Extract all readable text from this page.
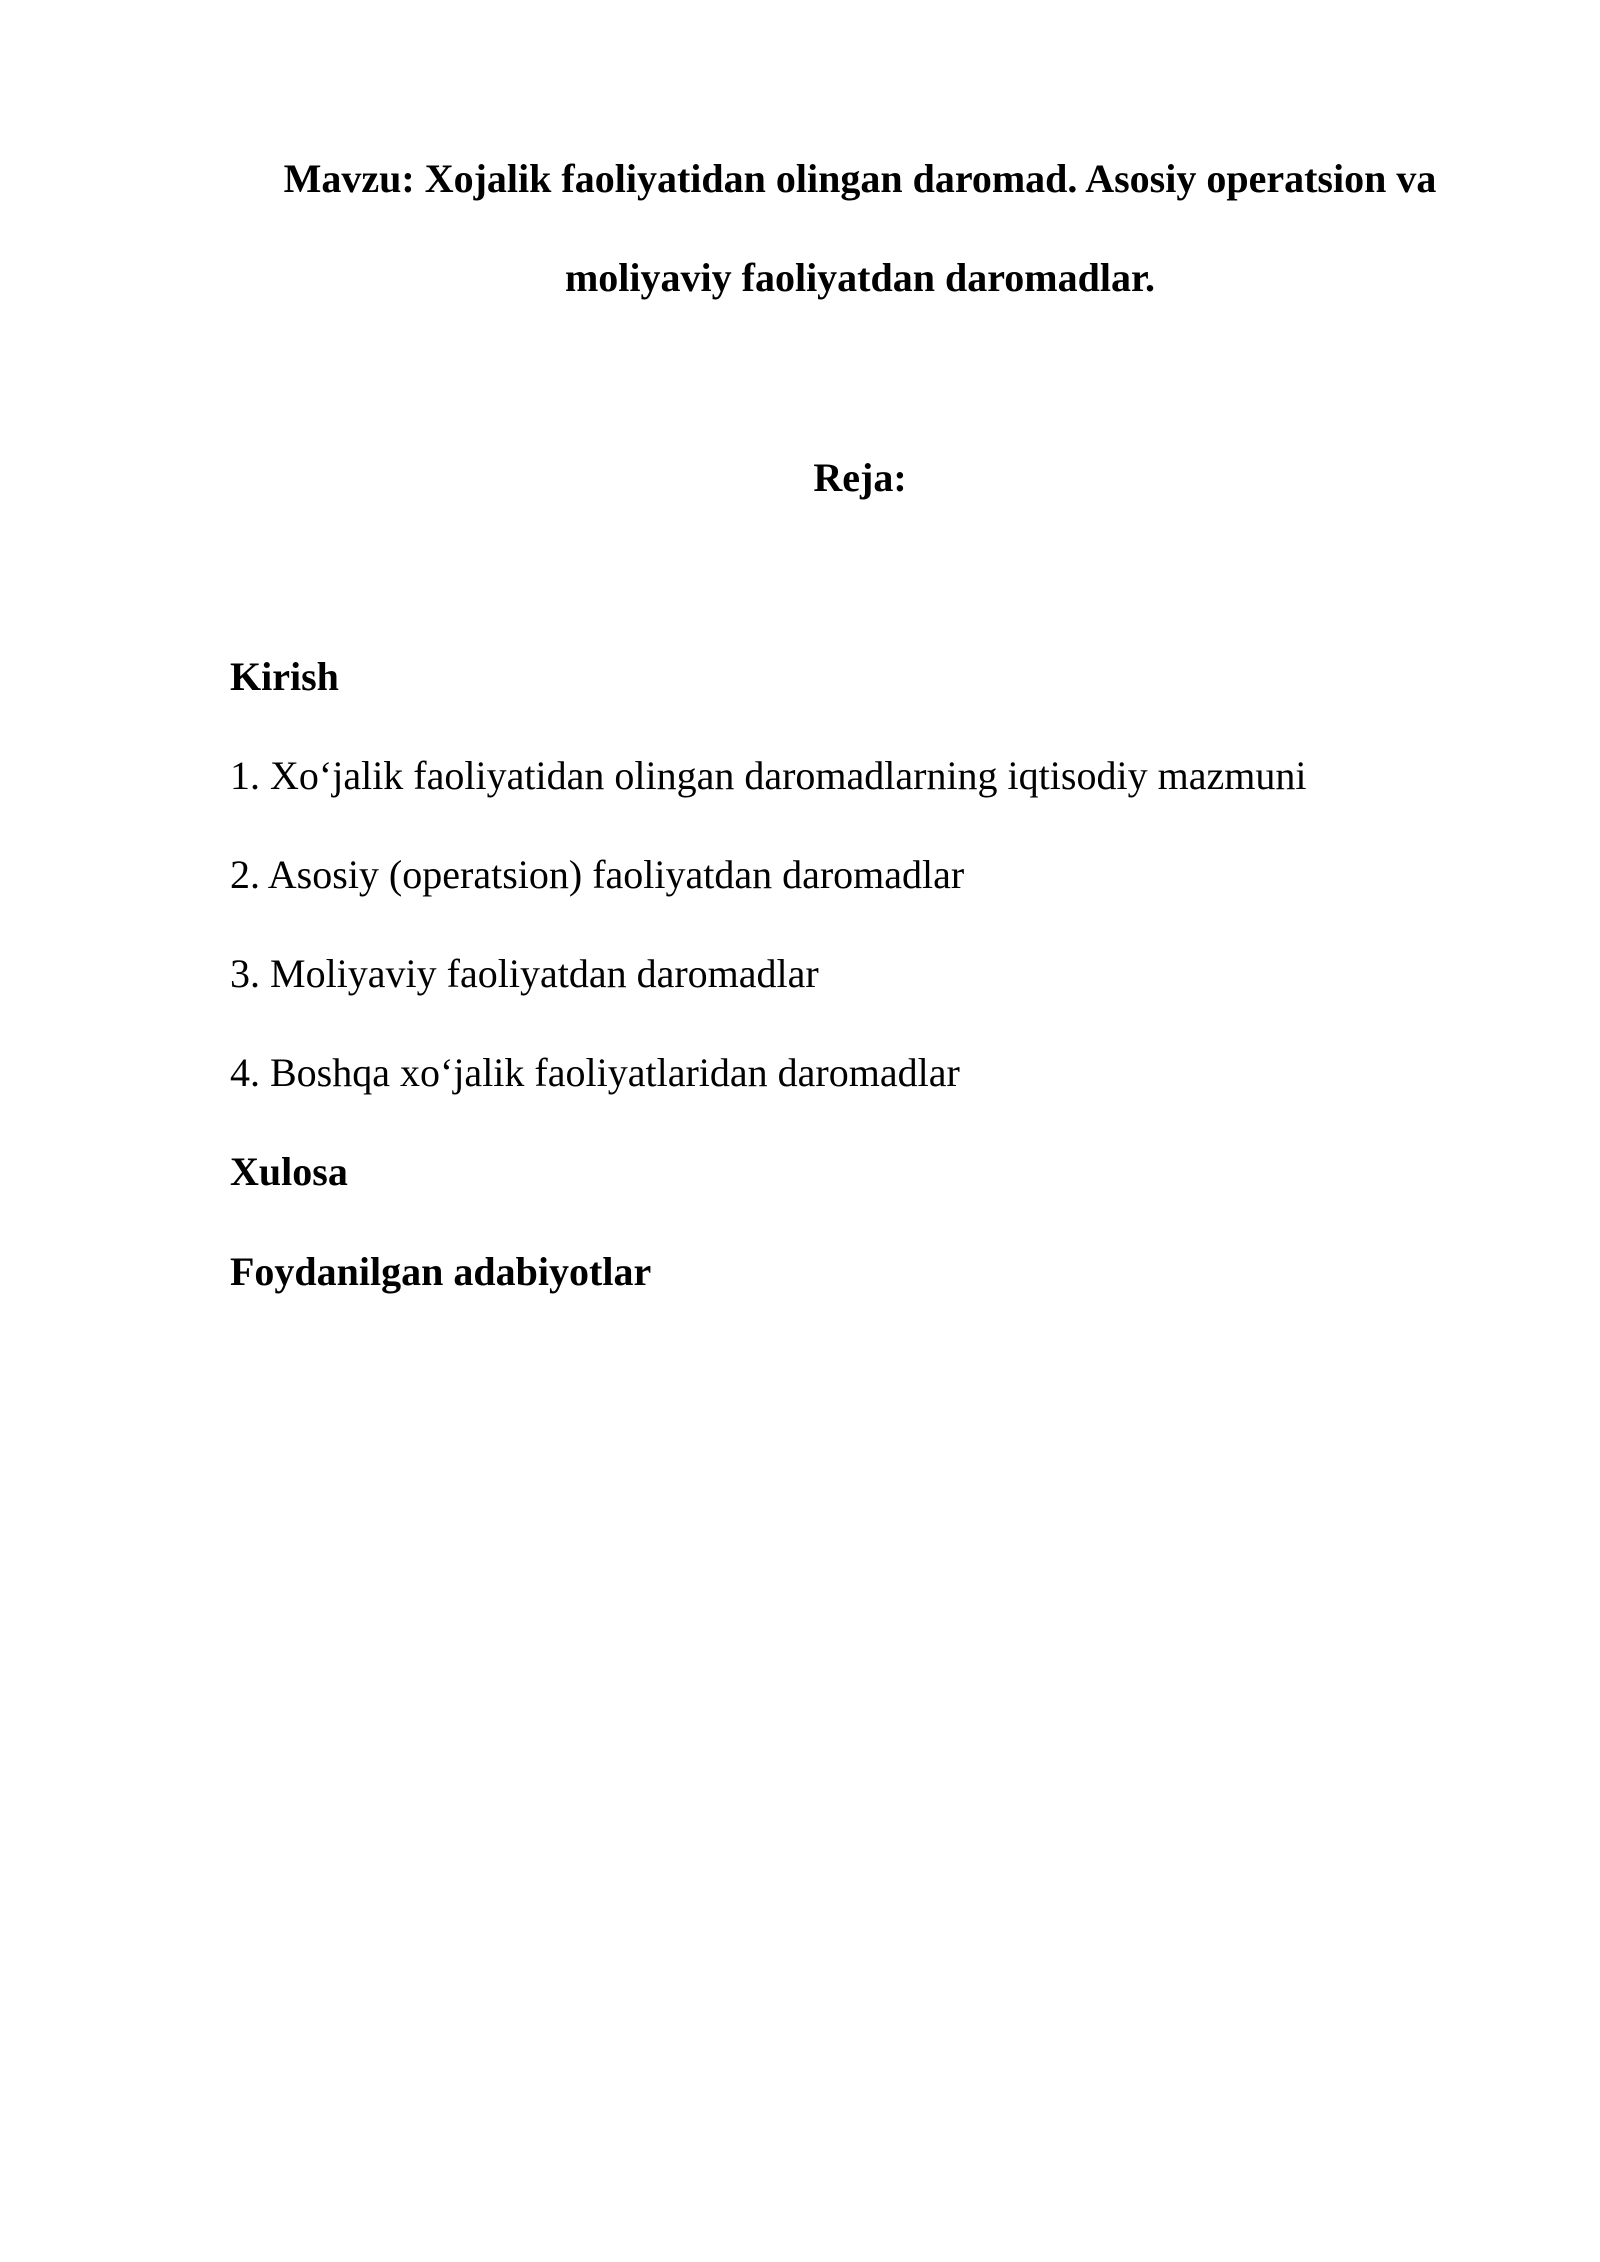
Mavzu: Xojalik faoliyatidan olingan daromad. Asosiy operatsion va
moliyaviy faoliyatdan daromadlar.
Reja:
Kirish
1. Xo‘jalik faoliyatidan olingan daromadlarning iqtisodiy mazmuni
2. Asosiy (operatsion) faoliyatdan daromadlar
3. Moliyaviy faoliyatdan daromadlar
4. Boshqa xo‘jalik faoliyatlaridan daromadlar
Xulosa
Foydanilgan adabiyotlar
